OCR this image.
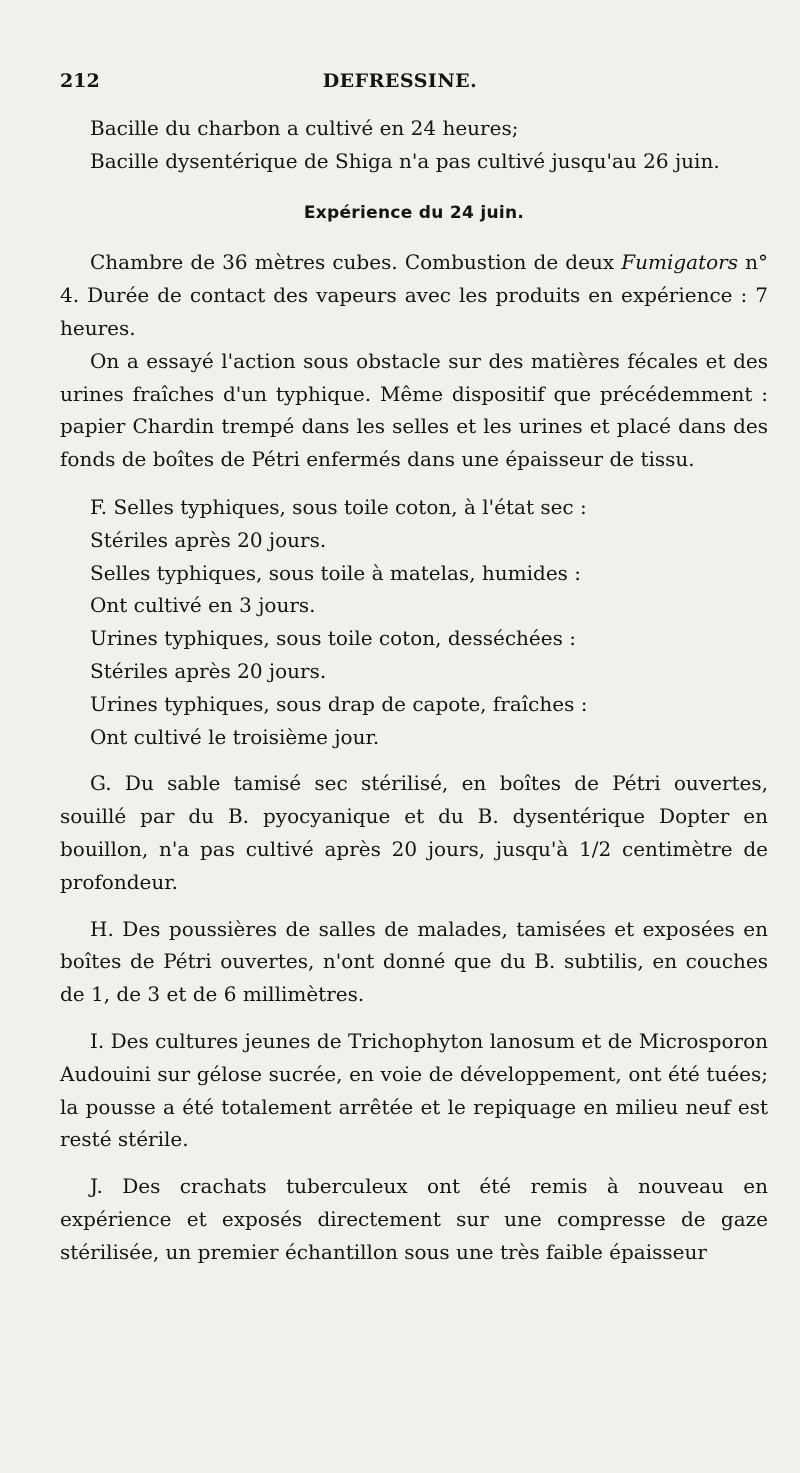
212	DEFRESSINE.

Bacille du charbon a cultivé en 24 heures;

Bacille dysentérique de Shiga n'a pas cultivé jusqu'au 26 juin.

Expérience du 24 juin.

Chambre de 36 mètres cubes. Combustion de deux Fumigators n° 4. Durée de contact des vapeurs avec les produits en expérience : 7 heures.

On a essayé l'action sous obstacle sur des matières fécales et des urines fraîches d'un typhique. Même dispositif que précédemment : papier Chardin trempé dans les selles et les urines et placé dans des fonds de boîtes de Pétri enfermés dans une épaisseur de tissu.

F. Selles typhiques, sous toile coton, à l'état sec :
Stériles après 20 jours.
Selles typhiques, sous toile à matelas, humides :
Ont cultivé en 3 jours.
Urines typhiques, sous toile coton, desséchées :
Stériles après 20 jours.
Urines typhiques, sous drap de capote, fraîches :
Ont cultivé le troisième jour.

G. Du sable tamisé sec stérilisé, en boîtes de Pétri ouvertes, souillé par du B. pyocyanique et du B. dysentérique Dopter en bouillon, n'a pas cultivé après 20 jours, jusqu'à 1/2 centimètre de profondeur.

H. Des poussières de salles de malades, tamisées et exposées en boîtes de Pétri ouvertes, n'ont donné que du B. subtilis, en couches de 1, de 3 et de 6 millimètres.

I. Des cultures jeunes de Trichophyton lanosum et de Microsporon Audouini sur gélose sucrée, en voie de développement, ont été tuées; la pousse a été totalement arrêtée et le repiquage en milieu neuf est resté stérile.

J. Des crachats tuberculeux ont été remis à nouveau en expérience et exposés directement sur une compresse de gaze stérilisée, un premier échantillon sous une très faible épaisseur
